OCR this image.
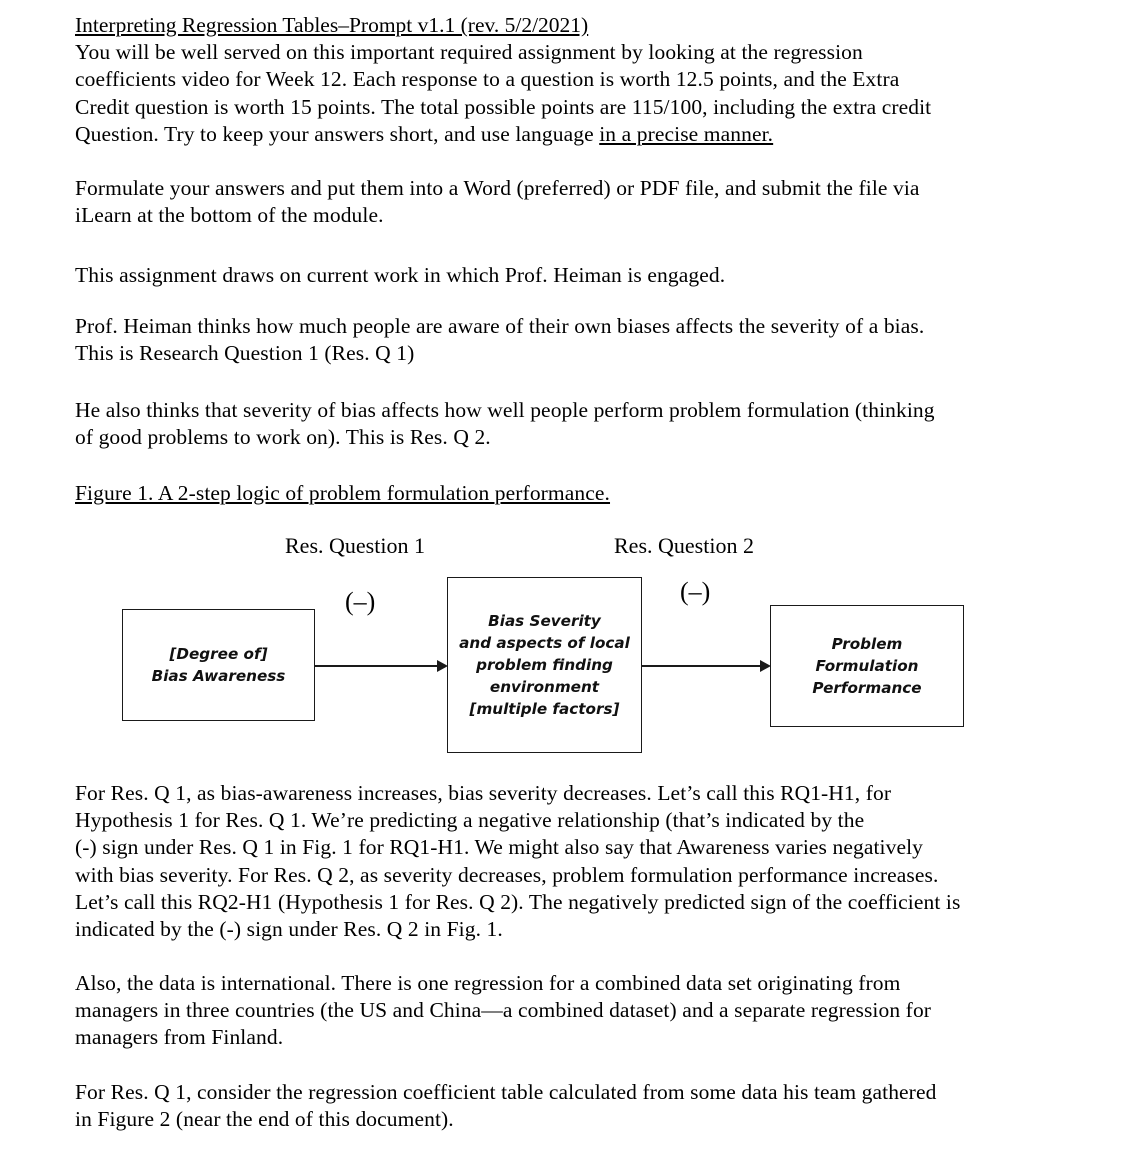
Interpreting Regression Tables–Prompt v1.1 (rev. 5/2/2021)
You will be well served on this important required assignment by looking at the regression
coefficients video for Week 12. Each response to a question is worth 12.5 points, and the Extra
Credit question is worth 15 points. The total possible points are 115/100, including the extra credit
Question. Try to keep your answers short, and use language in a precise manner.
Formulate your answers and put them into a Word (preferred) or PDF file, and submit the file via
iLearn at the bottom of the module.
This assignment draws on current work in which Prof. Heiman is engaged.
Prof. Heiman thinks how much people are aware of their own biases affects the severity of a bias.
This is Research Question 1 (Res. Q 1)
He also thinks that severity of bias affects how well people perform problem formulation (thinking
of good problems to work on). This is Res. Q 2.
Figure 1. A 2-step logic of problem formulation performance.
Res. Question 1	Res. Question 2
(–)	(–)
[Degree of]
Bias Awareness
Bias Severity
and aspects of local
problem finding
environment
[multiple factors]
Problem
Formulation
Performance
For Res. Q 1, as bias-awareness increases, bias severity decreases. Let’s call this RQ1-H1, for
Hypothesis 1 for Res. Q 1. We’re predicting a negative relationship (that’s indicated by the
(-) sign under Res. Q 1 in Fig. 1 for RQ1-H1. We might also say that Awareness varies negatively
with bias severity. For Res. Q 2, as severity decreases, problem formulation performance increases.
Let’s call this RQ2-H1 (Hypothesis 1 for Res. Q 2). The negatively predicted sign of the coefficient is
indicated by the (-) sign under Res. Q 2 in Fig. 1.
Also, the data is international. There is one regression for a combined data set originating from
managers in three countries (the US and China—a combined dataset) and a separate regression for
managers from Finland.
For Res. Q 1, consider the regression coefficient table calculated from some data his team gathered
in Figure 2 (near the end of this document).
